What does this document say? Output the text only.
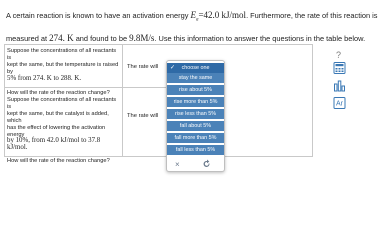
A certain reaction is known to have an activation energy $E_a=42.0$ kJ/mol. Furthermore, the rate of this reaction is
measured at 274. K and found to be 9.8M/s. Use this information to answer the questions in the table below.
Suppose the concentrations of all reactants is
kept the same, but the temperature is raised by
5% from 274. K to 288. K.
How will the rate of the reaction change?
The rate will
Suppose the concentrations of all reactants is
kept the same, but the catalyst is added, which
has the effect of lowering the activation energy
by 10%, from 42.0 kJ/mol to 37.8 kJ/mol.
How will the rate of the reaction change?
The rate will
✓ choose one
stay the same
rise about 5%
rise more than 5%
rise less than 5%
fall about 5%
fall more than 5%
fall less than 5%
×
?
Ar
